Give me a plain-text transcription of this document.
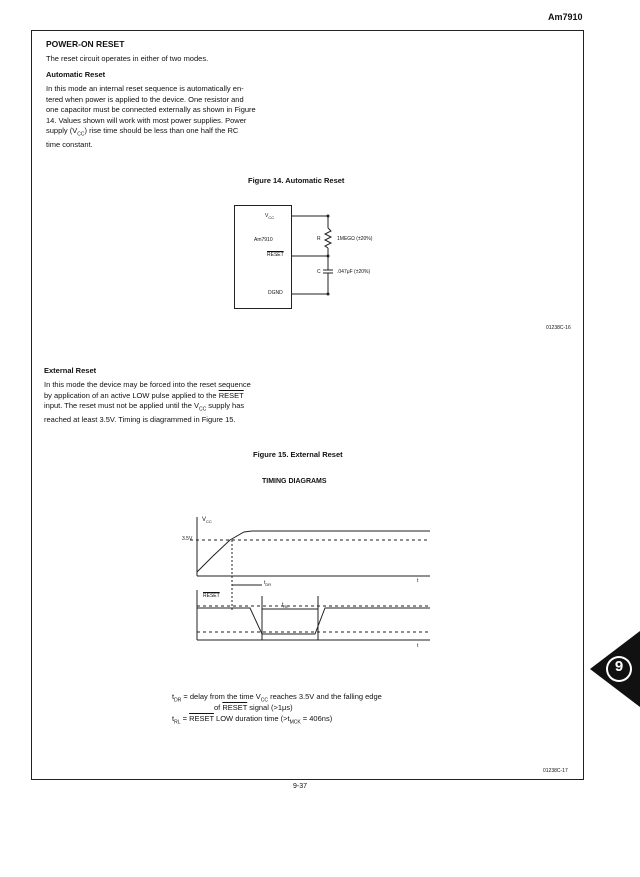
Am7910
POWER-ON RESET
The reset circuit operates in either of two modes.
Automatic Reset
In this mode an internal reset sequence is automatically en-
tered when power is applied to the device. One resistor and
one capacitor must be connected externally as shown in Figure
14. Values shown will work with most power supplies. Power
supply $(V_{CC})$ rise time should be less than one half the RC
time constant.
Figure 14. Automatic Reset
$V_{CC}$
Am7910
RESET
DGND
R	1MEGΩ (±20%)
C	.047μF (±20%)
01238C-16
External Reset
In this mode the device may be forced into the reset sequence
by application of an active LOW pulse applied to the RESET
input. The reset must not be applied until the $V_{CC}$ supply has
reached at least 3.5V. Timing is diagrammed in Figure 15.
Figure 15. External Reset
TIMING DIAGRAMS
$V_{CC}$
3.5V
t
$t_{DR}$
RESET
$t_{RL}$
t
$t_{DR}$ = delay from the time $V_{CC}$ reaches 3.5V and the falling edge
of RESET signal (>1μs)
$t_{RL}$ = RESET LOW duration time $(>t_{MCK} = 406ns)$
01238C-17
9-37
9
